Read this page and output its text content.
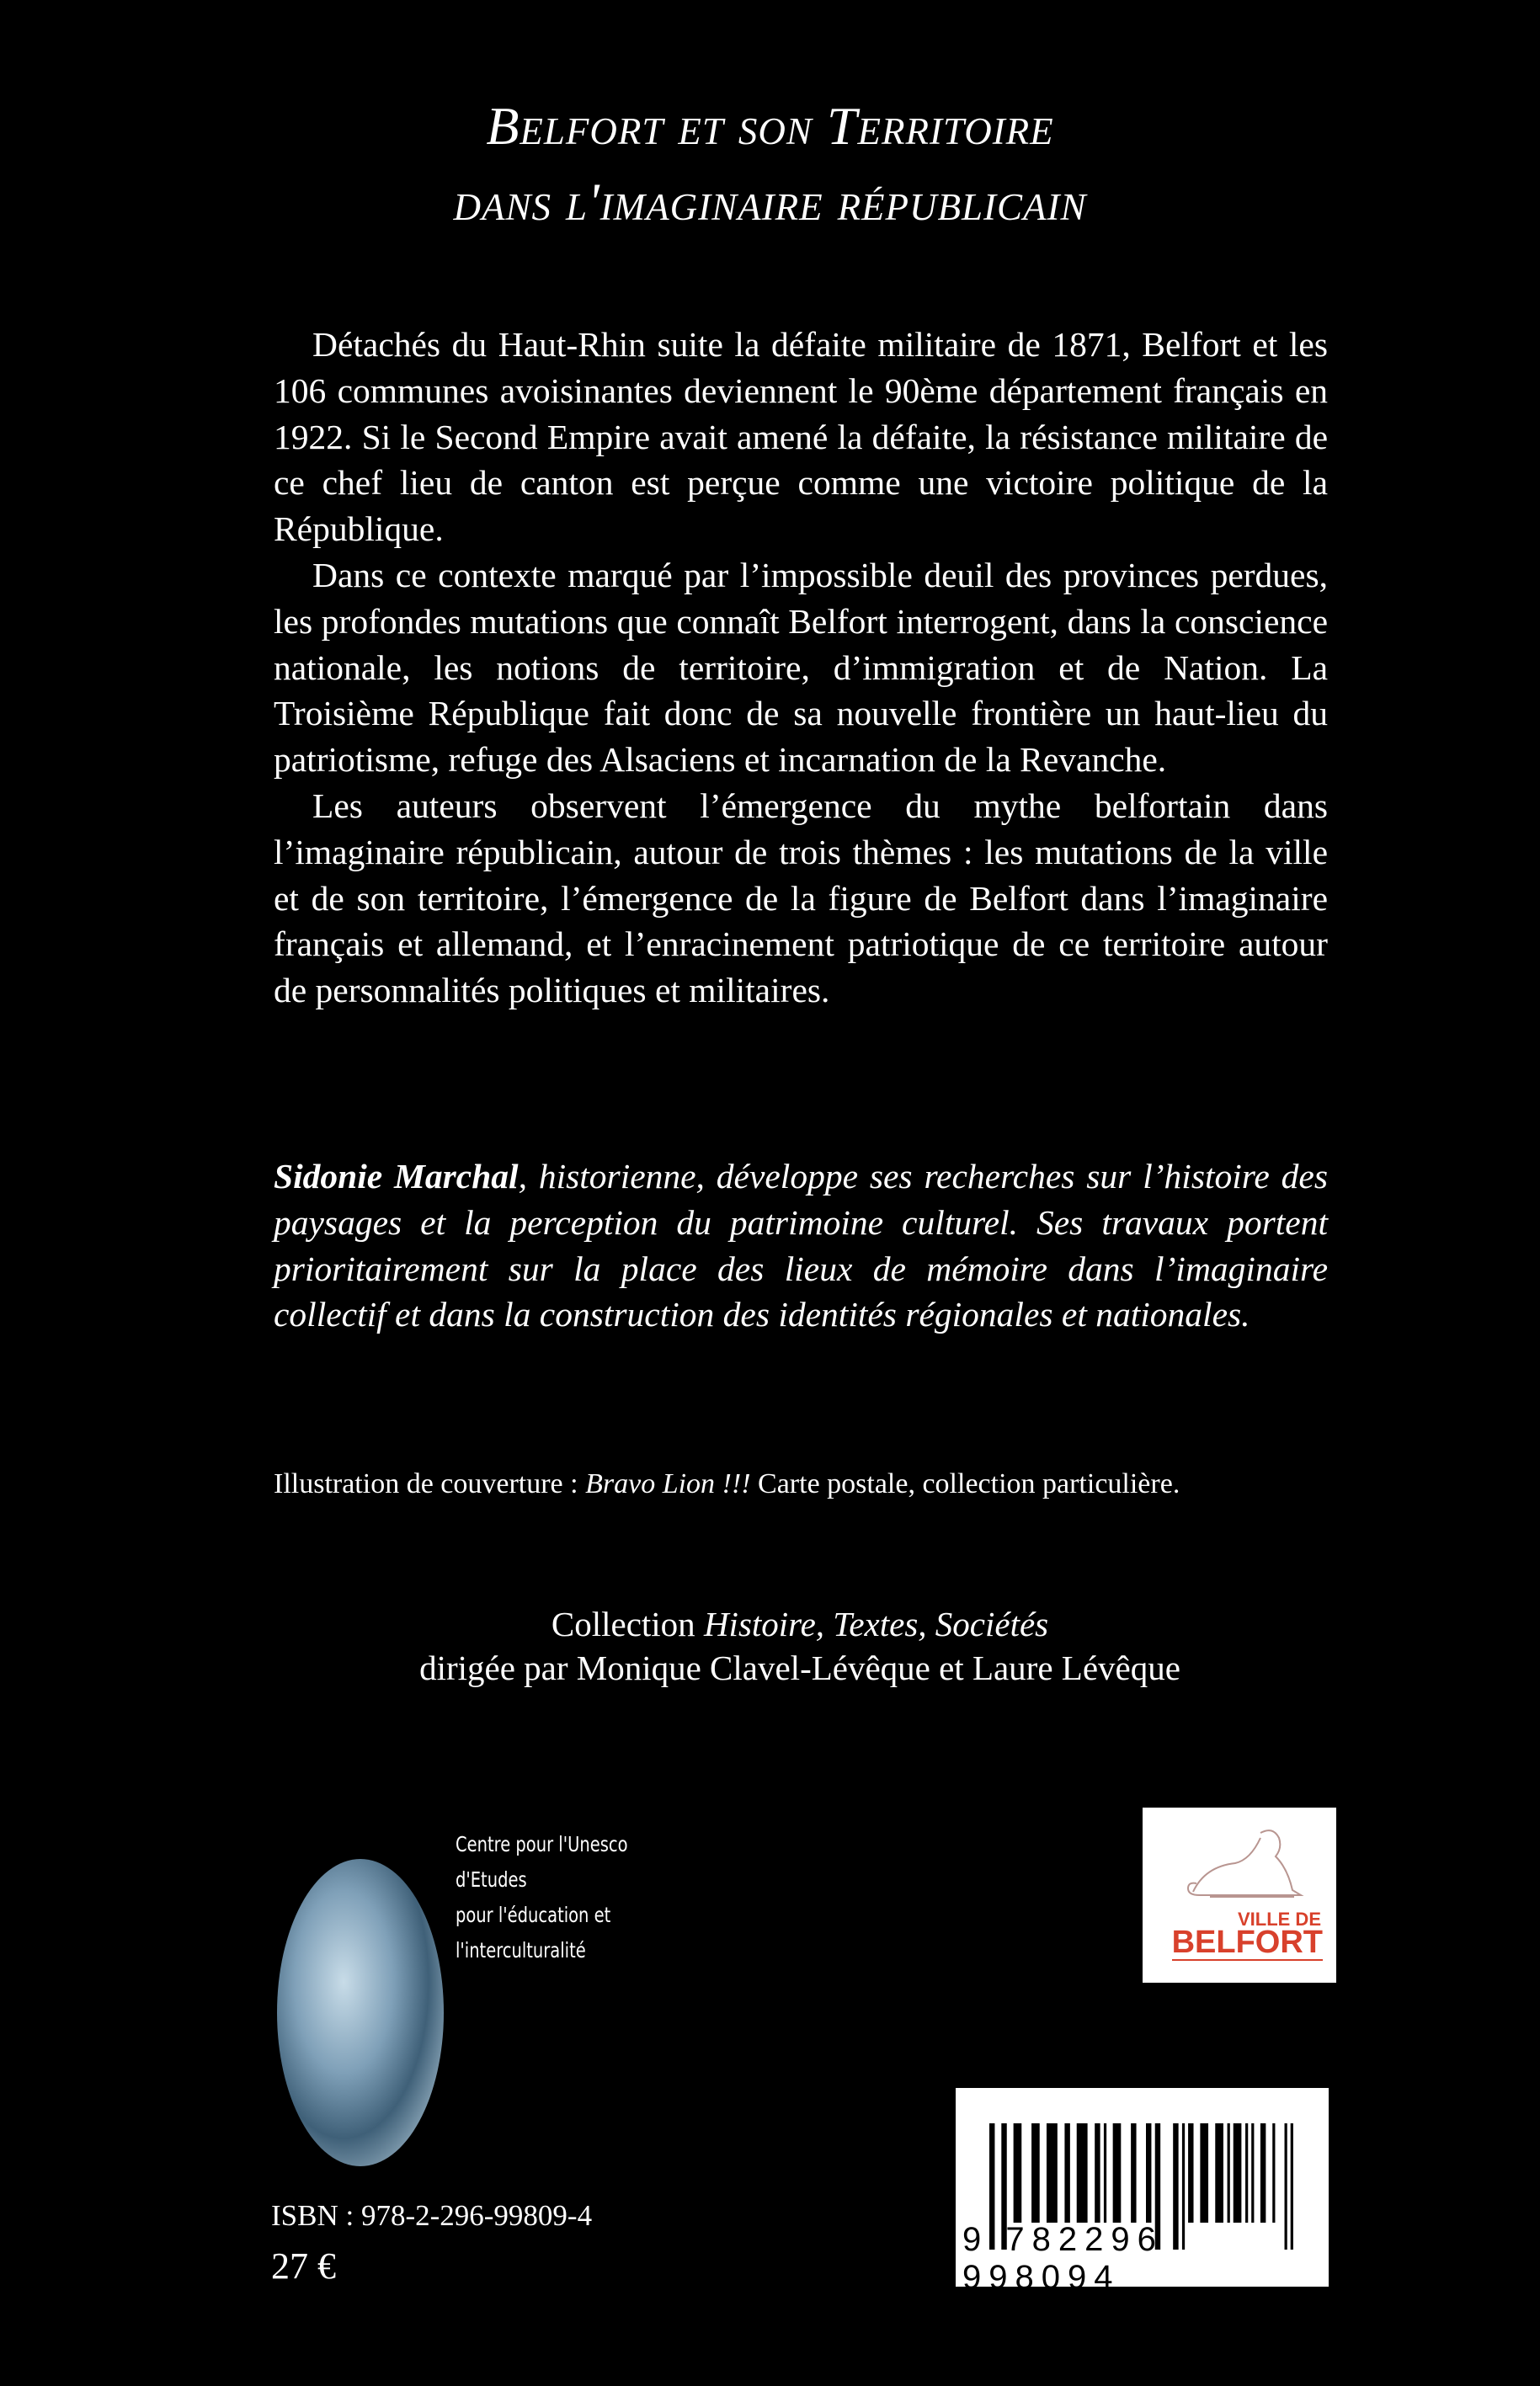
Belfort et son Territoire
dans l'imaginaire républicain

Détachés du Haut-Rhin suite la défaite militaire de 1871, Belfort et les 106 communes avoisinantes deviennent le 90ème département français en 1922. Si le Second Empire avait amené la défaite, la résistance militaire de ce chef lieu de canton est perçue comme une victoire politique de la République.

Dans ce contexte marqué par l’impossible deuil des provinces perdues, les profondes mutations que connaît Belfort interrogent, dans la conscience nationale, les notions de territoire, d’immigration et de Nation. La Troisième République fait donc de sa nouvelle frontière un haut-lieu du patriotisme, refuge des Alsaciens et incarnation de la Revanche.

Les auteurs observent l’émergence du mythe belfortain dans l’imaginaire républicain, autour de trois thèmes : les mutations de la ville et de son territoire, l’émergence de la figure de Belfort dans l’imaginaire français et allemand, et l’enracinement patriotique de ce territoire autour de personnalités politiques et militaires.

Sidonie Marchal, historienne, développe ses recherches sur l’histoire des paysages et la perception du patrimoine culturel. Ses travaux portent prioritairement sur la place des lieux de mémoire dans l’imaginaire collectif et dans la construction des identités régionales et nationales.

Illustration de couverture : Bravo Lion !!! Carte postale, collection particulière.
Collection Histoire, Textes, Sociétés
dirigée par Monique Clavel-Lévêque et Laure Lévêque
Centre pour l'Unesco
d'Etudes
pour l'éducation et
l'interculturalité
VILLE DE
BELFORT
9 782296 998094
ISBN : 978-2-296-99809-4
27 €
